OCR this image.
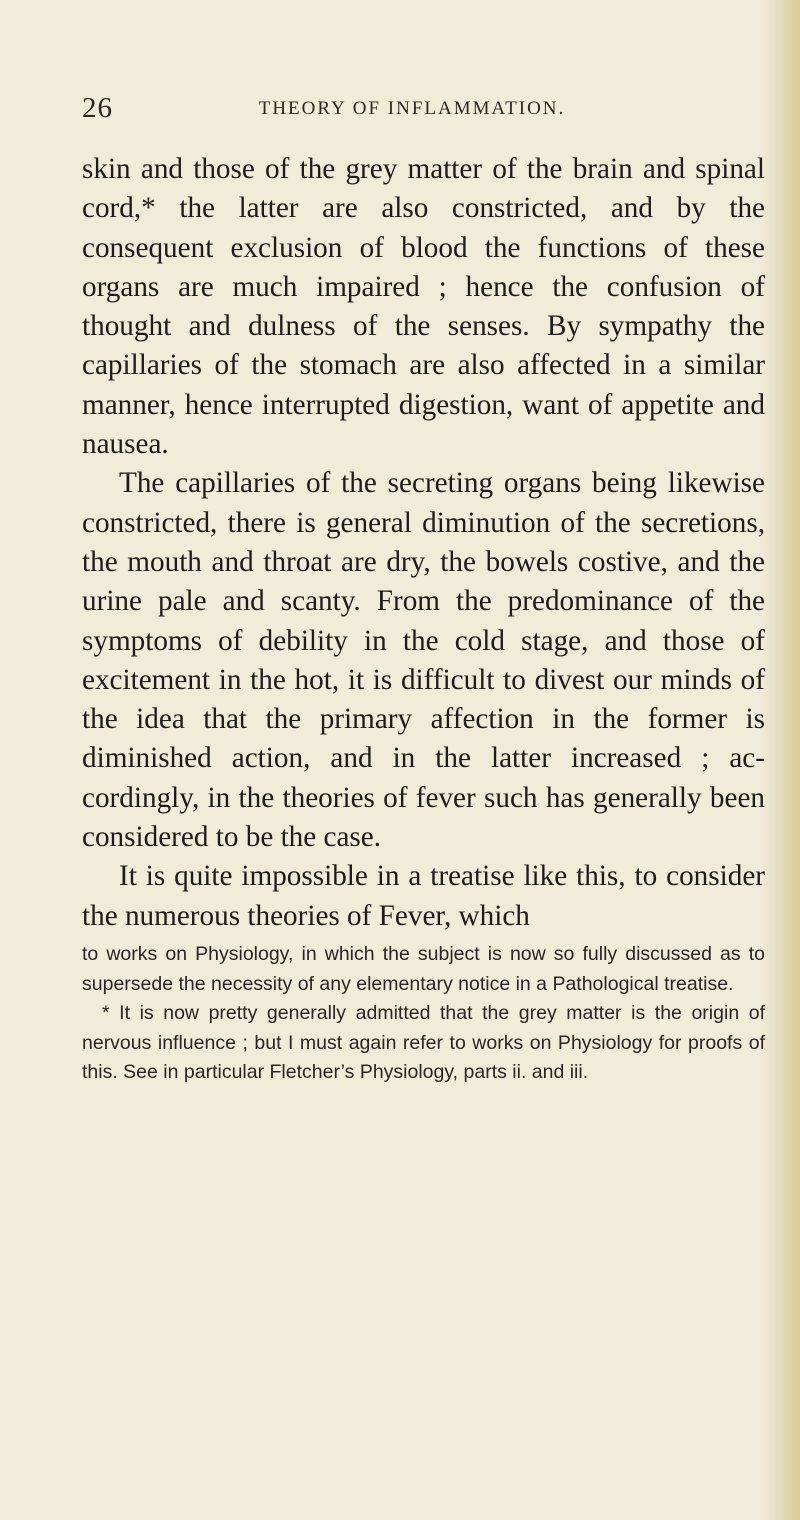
26	THEORY OF INFLAMMATION.

skin and those of the grey matter of the brain and spinal cord,* the latter are also constricted, and by the consequent exclusion of blood the functions of these organs are much impaired ; hence the confusion of thought and dulness of the senses. By sympathy the capillaries of the stomach are also affected in a similar manner, hence interrupted digestion, want of appetite and nausea.

The capillaries of the secreting organs being likewise constricted, there is general diminution of the secretions, the mouth and throat are dry, the bowels costive, and the urine pale and scanty. From the predominance of the symptoms of debility in the cold stage, and those of excitement in the hot, it is difficult to divest our minds of the idea that the primary affection in the former is diminished action, and in the latter increased ; accordingly, in the theories of fever such has generally been considered to be the case.

It is quite impossible in a treatise like this, to consider the numerous theories of Fever, which

to works on Physiology, in which the subject is now so fully discussed as to supersede the necessity of any elementary notice in a Pathological treatise.

* It is now pretty generally admitted that the grey matter is the origin of nervous influence ; but I must again refer to works on Physiology for proofs of this. See in particular Fletcher’s Physiology, parts ii. and iii.
